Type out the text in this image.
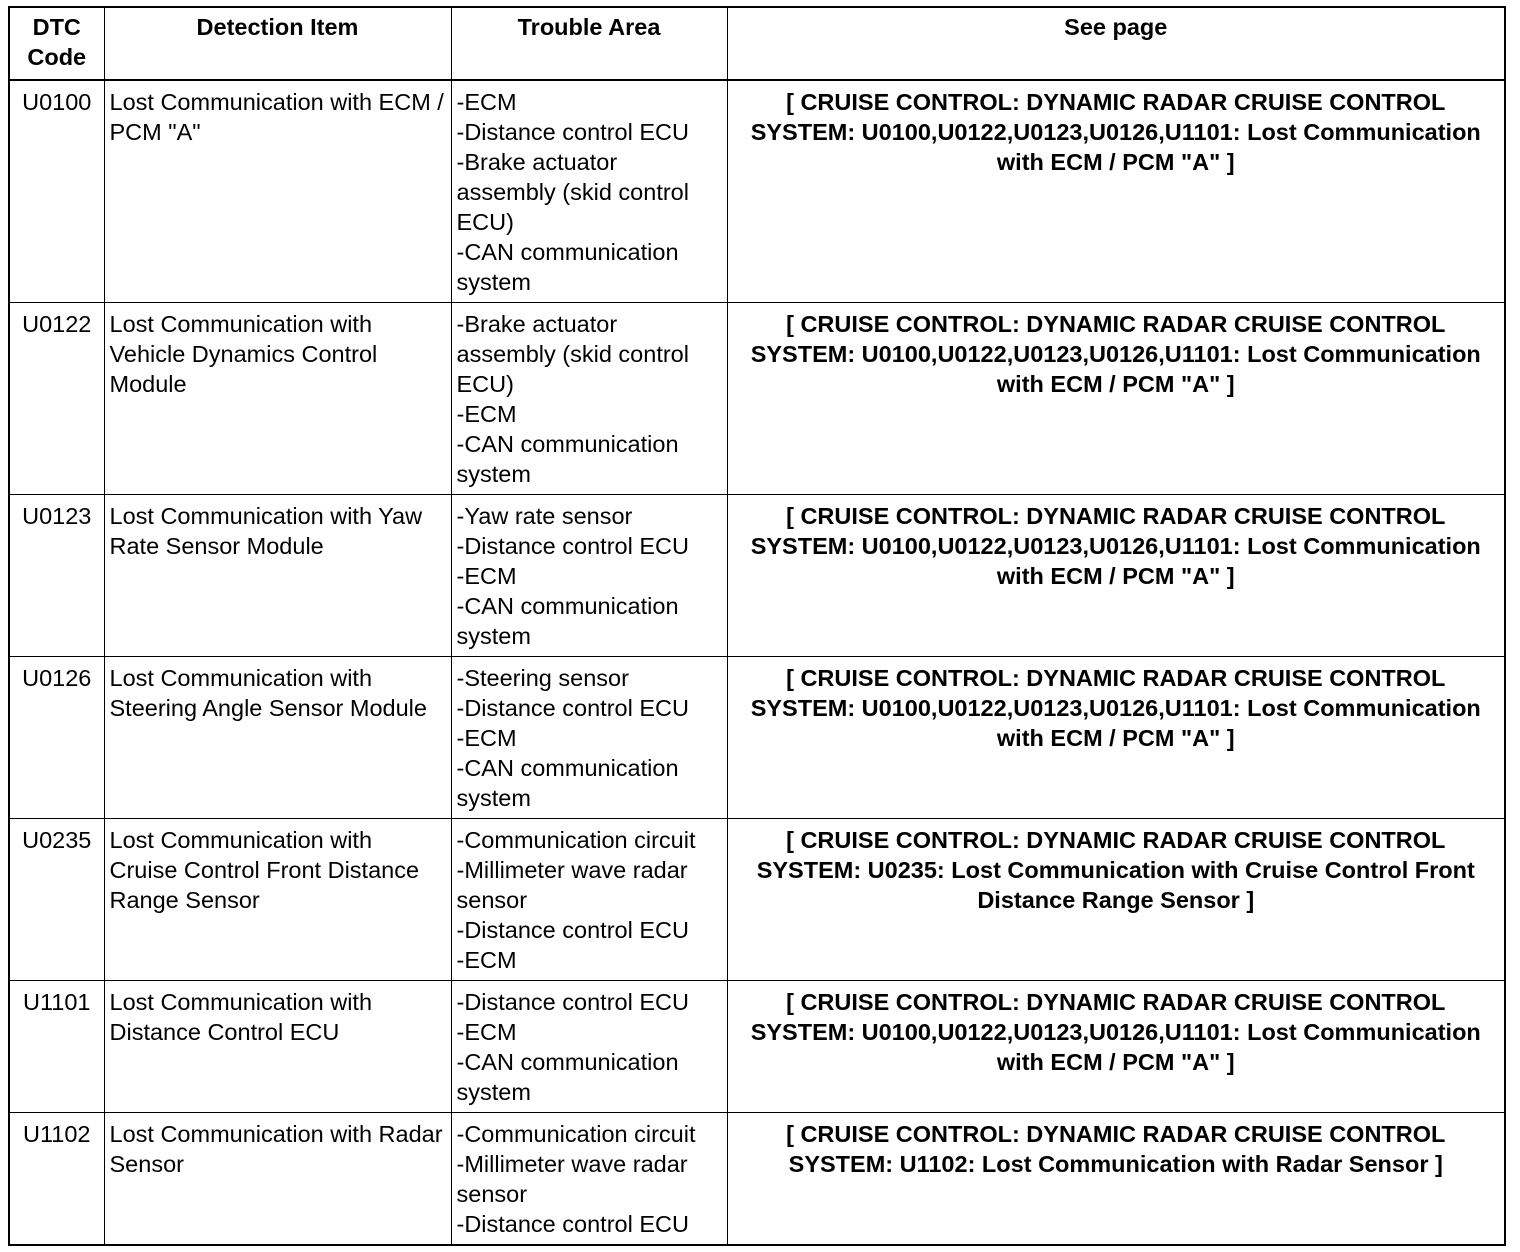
DTC
Code	Detection Item	Trouble Area	See page
U0100	Lost Communication with ECM / PCM "A"	-ECM
-Distance control ECU
-Brake actuator assembly (skid control ECU)
-CAN communication system	[ CRUISE CONTROL: DYNAMIC RADAR CRUISE CONTROL SYSTEM: U0100,U0122,U0123,U0126,U1101: Lost Communication with ECM / PCM "A" ]
U0122	Lost Communication with Vehicle Dynamics Control Module	-Brake actuator assembly (skid control ECU)
-ECM
-CAN communication system	[ CRUISE CONTROL: DYNAMIC RADAR CRUISE CONTROL SYSTEM: U0100,U0122,U0123,U0126,U1101: Lost Communication with ECM / PCM "A" ]
U0123	Lost Communication with Yaw Rate Sensor Module	-Yaw rate sensor
-Distance control ECU
-ECM
-CAN communication system	[ CRUISE CONTROL: DYNAMIC RADAR CRUISE CONTROL SYSTEM: U0100,U0122,U0123,U0126,U1101: Lost Communication with ECM / PCM "A" ]
U0126	Lost Communication with Steering Angle Sensor Module	-Steering sensor
-Distance control ECU
-ECM
-CAN communication system	[ CRUISE CONTROL: DYNAMIC RADAR CRUISE CONTROL SYSTEM: U0100,U0122,U0123,U0126,U1101: Lost Communication with ECM / PCM "A" ]
U0235	Lost Communication with Cruise Control Front Distance Range Sensor	-Communication circuit
-Millimeter wave radar sensor
-Distance control ECU
-ECM	[ CRUISE CONTROL: DYNAMIC RADAR CRUISE CONTROL SYSTEM: U0235: Lost Communication with Cruise Control Front Distance Range Sensor ]
U1101	Lost Communication with Distance Control ECU	-Distance control ECU
-ECM
-CAN communication system	[ CRUISE CONTROL: DYNAMIC RADAR CRUISE CONTROL SYSTEM: U0100,U0122,U0123,U0126,U1101: Lost Communication with ECM / PCM "A" ]
U1102	Lost Communication with Radar Sensor	-Communication circuit
-Millimeter wave radar sensor
-Distance control ECU	[ CRUISE CONTROL: DYNAMIC RADAR CRUISE CONTROL SYSTEM: U1102: Lost Communication with Radar Sensor ]
